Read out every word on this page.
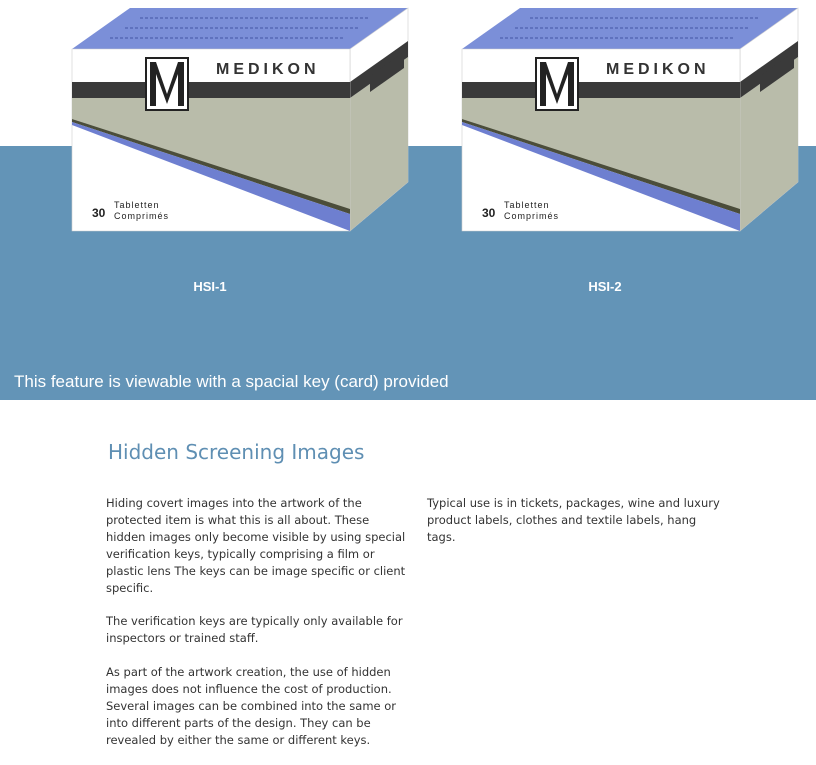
MEDIKON
30
Tabletten
Comprimés
MEDIKON
30
Tabletten
Comprimés
HSI-1	HSI-2
This feature is viewable with a spacial key (card) provided
Hidden Screening Images

Hiding covert images into the artwork of the protected item is what this is all about. These hidden images only become visible by using special verification keys, typically comprising a film or plastic lens The keys can be image specific or client specific.

The verification keys are typically only available for inspectors or trained staff.

As part of the artwork creation, the use of hidden images does not influence the cost of production. Several images can be combined into the same or into different parts of the design. They can be revealed by either the same or different keys.

Typical use is in tickets, packages, wine and luxury product labels, clothes and textile labels, hang tags.
